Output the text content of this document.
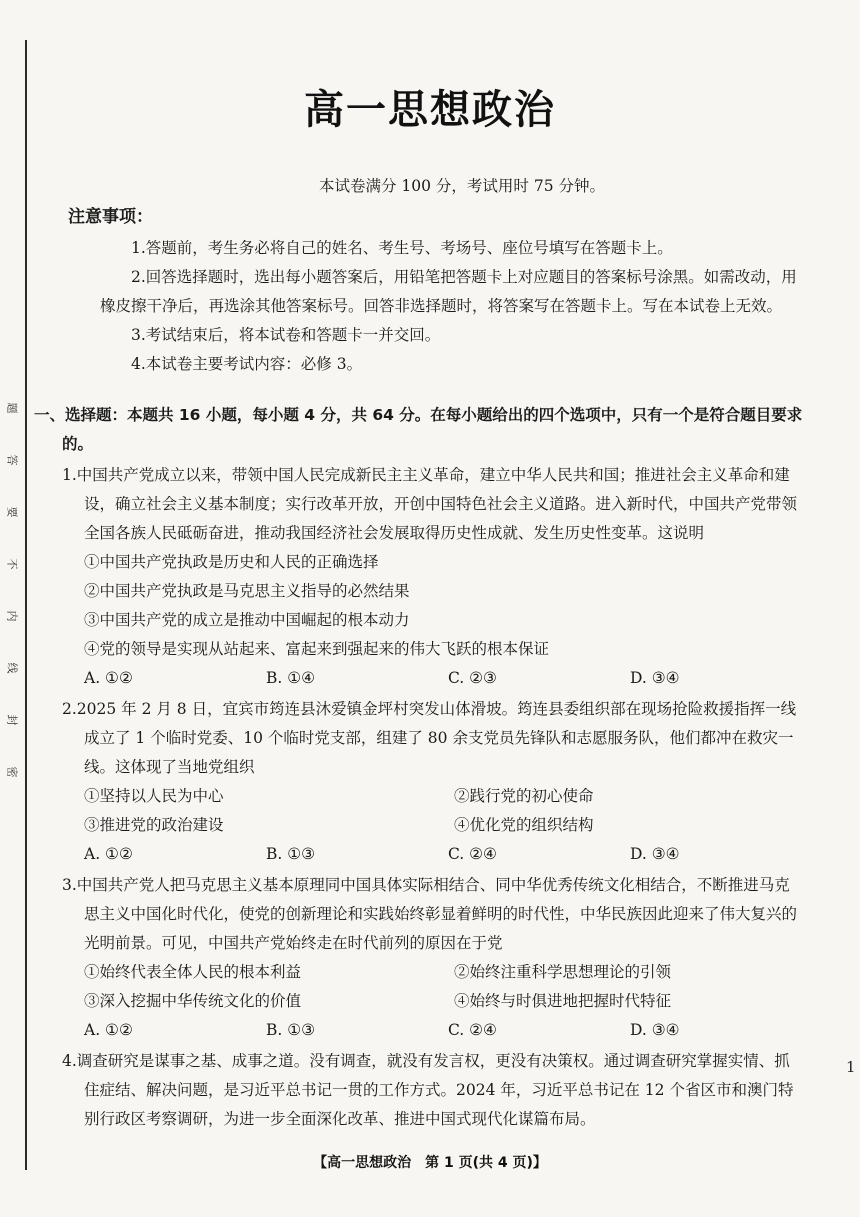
题
答
要
不
内
线
封
密
高一思想政治
本试卷满分 100 分，考试用时 75 分钟。
注意事项：
1.答题前，考生务必将自己的姓名、考生号、考场号、座位号填写在答题卡上。
2.回答选择题时，选出每小题答案后，用铅笔把答题卡上对应题目的答案标号涂黑。如需改动，用橡皮擦干净后，再选涂其他答案标号。回答非选择题时，将答案写在答题卡上。写在本试卷上无效。
3.考试结束后，将本试卷和答题卡一并交回。
4.本试卷主要考试内容：必修 3。
一、选择题：本题共 16 小题，每小题 4 分，共 64 分。在每小题给出的四个选项中，只有一个是符合题目要求的。
1.中国共产党成立以来，带领中国人民完成新民主主义革命，建立中华人民共和国；推进社会主义革命和建设，确立社会主义基本制度；实行改革开放，开创中国特色社会主义道路。进入新时代，中国共产党带领全国各族人民砥砺奋进，推动我国经济社会发展取得历史性成就、发生历史性变革。这说明
①中国共产党执政是历史和人民的正确选择
②中国共产党执政是马克思主义指导的必然结果
③中国共产党的成立是推动中国崛起的根本动力
④党的领导是实现从站起来、富起来到强起来的伟大飞跃的根本保证
A. ①②	B. ①④	C. ②③	D. ③④
2.2025 年 2 月 8 日，宜宾市筠连县沐爱镇金坪村突发山体滑坡。筠连县委组织部在现场抢险救援指挥一线成立了 1 个临时党委、10 个临时党支部，组建了 80 余支党员先锋队和志愿服务队，他们都冲在救灾一线。这体现了当地党组织
①坚持以人民为中心	②践行党的初心使命
③推进党的政治建设	④优化党的组织结构
A. ①②	B. ①③	C. ②④	D. ③④
3.中国共产党人把马克思主义基本原理同中国具体实际相结合、同中华优秀传统文化相结合，不断推进马克思主义中国化时代化，使党的创新理论和实践始终彰显着鲜明的时代性，中华民族因此迎来了伟大复兴的光明前景。可见，中国共产党始终走在时代前列的原因在于党
①始终代表全体人民的根本利益	②始终注重科学思想理论的引领
③深入挖掘中华传统文化的价值	④始终与时俱进地把握时代特征
A. ①②	B. ①③	C. ②④	D. ③④
4.调查研究是谋事之基、成事之道。没有调查，就没有发言权，更没有决策权。通过调查研究掌握实情、抓住症结、解决问题，是习近平总书记一贯的工作方式。2024 年，习近平总书记在 12 个省区市和澳门特别行政区考察调研，为进一步全面深化改革、推进中国式现代化谋篇布局。
1
【高一思想政治　第 1 页(共 4 页)】
